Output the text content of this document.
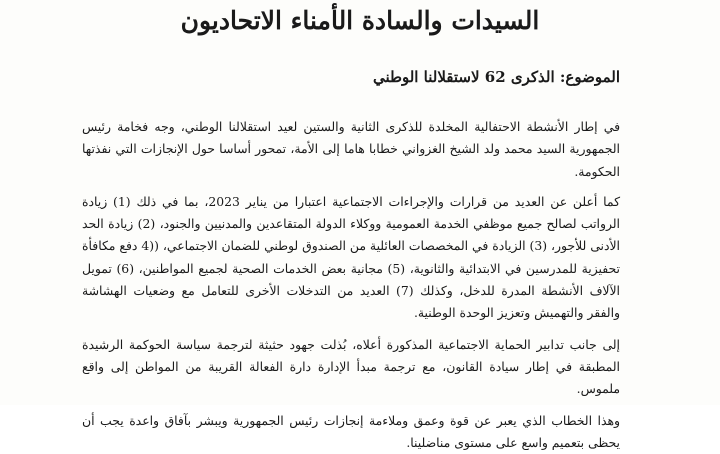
السيدات والسادة الأمناء الاتحاديون
الموضوع: الذكرى 62 لاستقلالنا الوطني

في إطار الأنشطة الاحتفالية المخلدة للذكرى الثانية والستين لعيد استقلالنا الوطني، وجه فخامة رئيس الجمهورية السيد محمد ولد الشيخ الغزواني خطابا هاما إلى الأمة، تمحور أساسا حول الإنجازات التي نفذتها الحكومة.

كما أعلن عن العديد من قرارات والإجراءات الاجتماعية اعتبارا من يناير 2023، بما في ذلك (1) زيادة الرواتب لصالح جميع موظفي الخدمة العمومية ووكلاء الدولة المتقاعدين والمدنيين والجنود، (2) زيادة الحد الأدنى للأجور، (3) الزيادة في المخصصات العائلية من الصندوق لوطني للضمان الاجتماعي، ((4 دفع مكافأة تحفيزية للمدرسين في الابتدائية والثانوية، (5) مجانية بعض الخدمات الصحية لجميع المواطنين، (6) تمويل الآلاف الأنشطة المدرة للدخل، وكذلك (7) العديد من التدخلات الأخرى للتعامل مع وضعيات الهشاشة والفقر والتهميش وتعزيز الوحدة الوطنية.

إلى جانب تدابير الحماية الاجتماعية المذكورة أعلاه، بُذلت جهود حثيثة لترجمة سياسة الحوكمة الرشيدة المطبقة في إطار سيادة القانون، مع ترجمة مبدأ الإدارة دارة الفعالة القريبة من المواطن إلى واقع ملموس.

وهذا الخطاب الذي يعبر عن قوة وعمق وملاءمة إنجازات رئيس الجمهورية ويبشر بآفاق واعدة يجب أن يحظى بتعميم واسع على مستوى مناضلينا.
